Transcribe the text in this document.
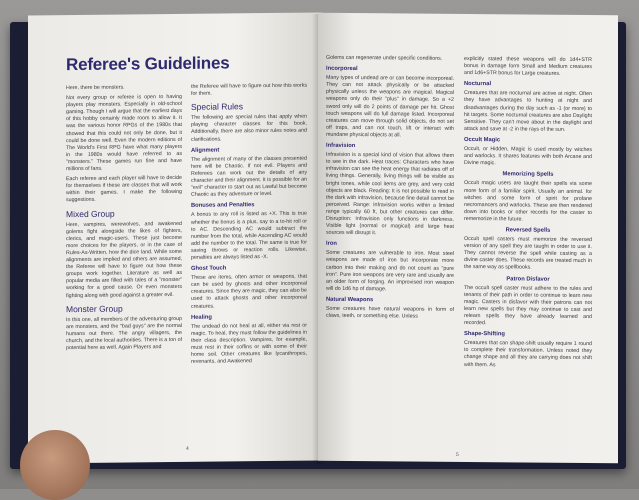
Referee's Guidelines

Here, there be monsters.

Not every group or referee is open to having players play monsters. Especially in old-school gaming. Though I will argue that the earliest days of this hobby certainly made room to allow it. It was the various honor RPGs of the 1980s that showed that this could not only be done, but it could be done well. Even the modern editions of The World's First RPG have what many players in the 1980s would have referred to as "monsters." These games run fine and have millions of fans.

Each referee and each player will have to decide for themselves if these are classes that will work within their games. I make the following suggestions.

Mixed Group

Here, vampires, werewolves, and awakened golems fight alongside the likes of fighters, clerics, and magic-users. These just become more choices for the players, or in the case of Rules-As-Written, how the dice land. While some alignments are implied and others are assumed, the Referee will have to figure out how these groups work together. Literature as well as popular media are filled with tales of a "monster" working for a good cause. Or even monsters fighting along with good against a greater evil.

Monster Group

In this one, all members of the adventuring group are monsters, and the "bad guys" are the normal humans out there. The angry villagers, the church, and the local authorities. There is a ton of potential here as well. Again Players and

the Referee will have to figure out how this works for them.

Special Rules

The following are special rules that apply when playing character classes for this book. Additionally, there are also minor rules notes and clarifications.

Alignment

The alignment of many of the classes presented here will be Chaotic. If not evil. Players and Referees can work out the details of any character and their alignment. It is possible for an "evil" character to start out as Lawful but become Chaotic as they adventure or level.

Bonuses and Penalties

A bonus to any roll is listed as +X. This is true whether the bonus is a plus, say to a to-hit roll or to AC. Descending AC would subtract the number from the total, while Ascending AC would add the number to the total. The same is true for saving throws or reaction rolls. Likewise, penalties are always listed as -X.

Ghost Touch

These are items, often armor or weapons, that can be used by ghosts and other incorporeal creatures. Since they are magic, they can also be used to attack ghosts and other incorporeal creatures.

Healing

The undead do not heal at all, either via rest or magic. To heal, they must follow the guidelines in their class description. Vampires, for example, must rest in their coffins or with some of their home soil. Other creatures like lycanthropes, revenants, and Awakened

4

Golems can regenerate under specific conditions.

Incorporeal

Many types of undead are or can become incorporeal. They can not attack physically or be attacked physically unless the weapons are magical. Magical weapons only do their "plus" in damage. So a +2 sword only will do 2 points of damage per hit. Ghost touch weapons will do full damage listed. Incorporeal creatures can move through solid objects, do not set off traps, and can not touch, lift or interact with mundane physical objects at all.

Infravision

Infravision is a special kind of vision that allows them to see in the dark. Heat traces: Characters who have infravision can see the heat energy that radiates off of living things. Generally, living things will be visible as bright tones, while cool items are grey, and very cold objects are black. Reading: It is not possible to read in the dark with infravision, because fine detail cannot be perceived. Range: Infravision works within a limited range typically 60 ft, but other creatures can differ. Disruption: Infravision only functions in darkness. Visible light (normal or magical) and large heat sources will disrupt it.

Iron

Some creatures are vulnerable to iron. Most steel weapons are made of iron but incorporate more carbon into their making and do not count as "pure iron". Pure iron weapons are very rare and usually are an older form of forging. An improvised iron weapon will do 1d6 hp of damage.

Natural Weapons

Some creatures have natural weapons in form of claws, teeth, or something else. Unless

explicitly stated these weapons will do 1d4+STR bonus in damage form Small and Medium creatures and 1d6+STR bonus for Large creatures.

Nocturnal

Creatures that are nocturnal are active at night. Often they have advantages to hunting at night and disadvantages during the day such as -1 (or more) to hit targets. Some nocturnal creatures are also Daylight Sensitive. They can't move about in the daylight and attack and save at -2 in the rays of the sun.

Occult Magic

Occult, or Hidden, Magic is used mostly by witches and warlocks. It shares features with both Arcane and Divine magic.

Memorizing Spells

Occult magic users are taught their spells via some more form of a familiar spirit. Usually an animal. for witches and some form of spirit for profane necromancers and warlocks. These are then rendered down into books or other records for the caster to rememorize in the future.

Reversed Spells

Occult spell casters must memorize the reversed version of any spell they are taught in order to use it. They cannot reverse the spell while casting as a divine caster does. These records are treated much in the same way as spellbooks.

Patron Disfavor

The occult spell caster must adhere to the rules and tenants of their path in order to continue to learn new magic. Casters in disfavor with their patrons can not learn new spells but they may continue to cast and relearn spells they have already learned and recorded.

Shape-Shifting

Creatures that can shape-shift usually require 1 round to complete their transformation. Unless noted they change shape and all they are carrying does not shift with them. As

5
